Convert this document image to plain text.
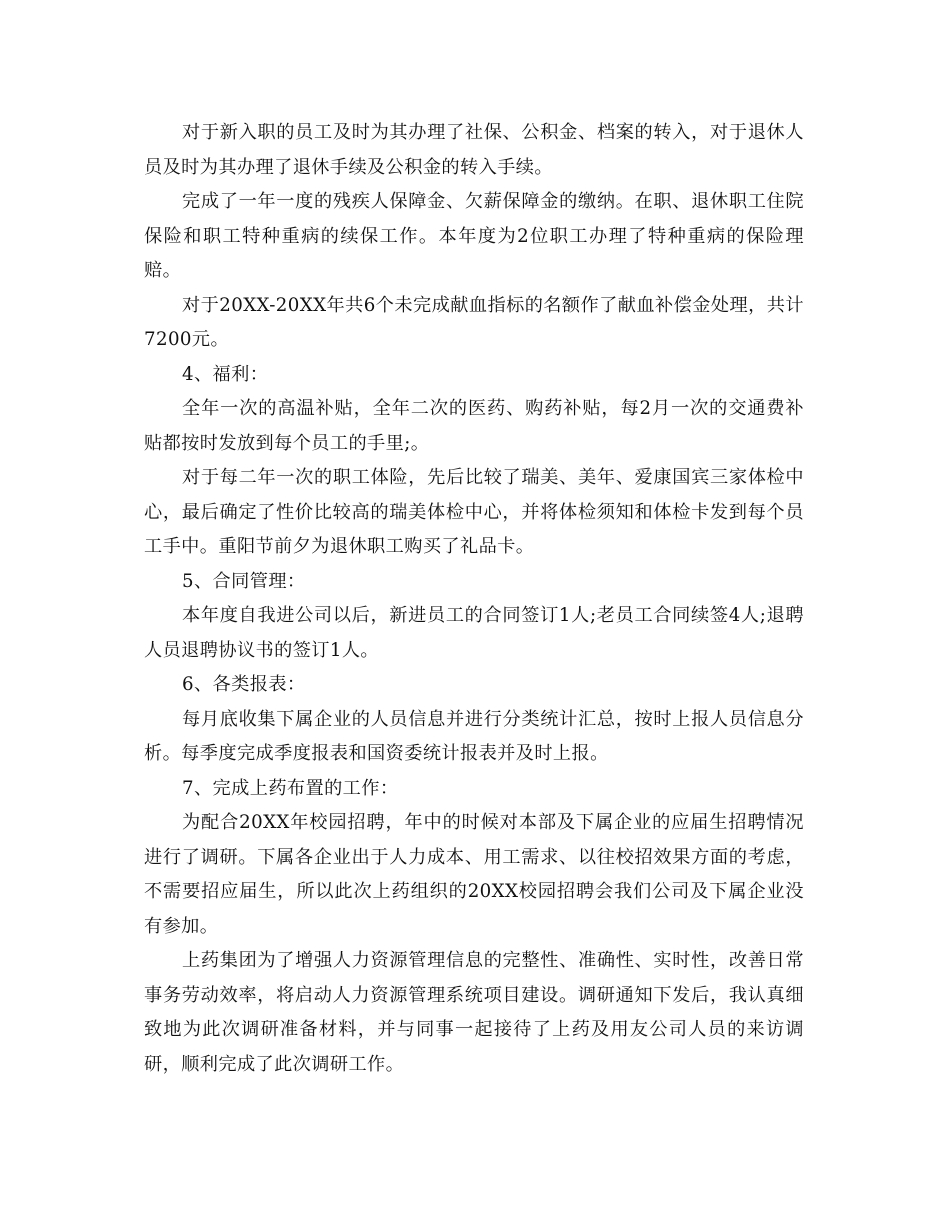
对于新入职的员工及时为其办理了社保、公积金、档案的转入，对于退休人员及时为其办理了退休手续及公积金的转入手续。

完成了一年一度的残疾人保障金、欠薪保障金的缴纳。在职、退休职工住院保险和职工特种重病的续保工作。本年度为2位职工办理了特种重病的保险理赔。

对于20XX-20XX年共6个未完成献血指标的名额作了献血补偿金处理，共计7200元。

4、福利：

全年一次的高温补贴，全年二次的医药、购药补贴，每2月一次的交通费补贴都按时发放到每个员工的手里;。

对于每二年一次的职工体险，先后比较了瑞美、美年、爱康国宾三家体检中心，最后确定了性价比较高的瑞美体检中心，并将体检须知和体检卡发到每个员工手中。重阳节前夕为退休职工购买了礼品卡。

5、合同管理：

本年度自我进公司以后，新进员工的合同签订1人;老员工合同续签4人;退聘人员退聘协议书的签订1人。

6、各类报表：

每月底收集下属企业的人员信息并进行分类统计汇总，按时上报人员信息分析。每季度完成季度报表和国资委统计报表并及时上报。

7、完成上药布置的工作：

为配合20XX年校园招聘，年中的时候对本部及下属企业的应届生招聘情况进行了调研。下属各企业出于人力成本、用工需求、以往校招效果方面的考虑，不需要招应届生，所以此次上药组织的20XX校园招聘会我们公司及下属企业没有参加。

上药集团为了增强人力资源管理信息的完整性、准确性、实时性，改善日常事务劳动效率，将启动人力资源管理系统项目建设。调研通知下发后，我认真细致地为此次调研准备材料，并与同事一起接待了上药及用友公司人员的来访调研，顺利完成了此次调研工作。
